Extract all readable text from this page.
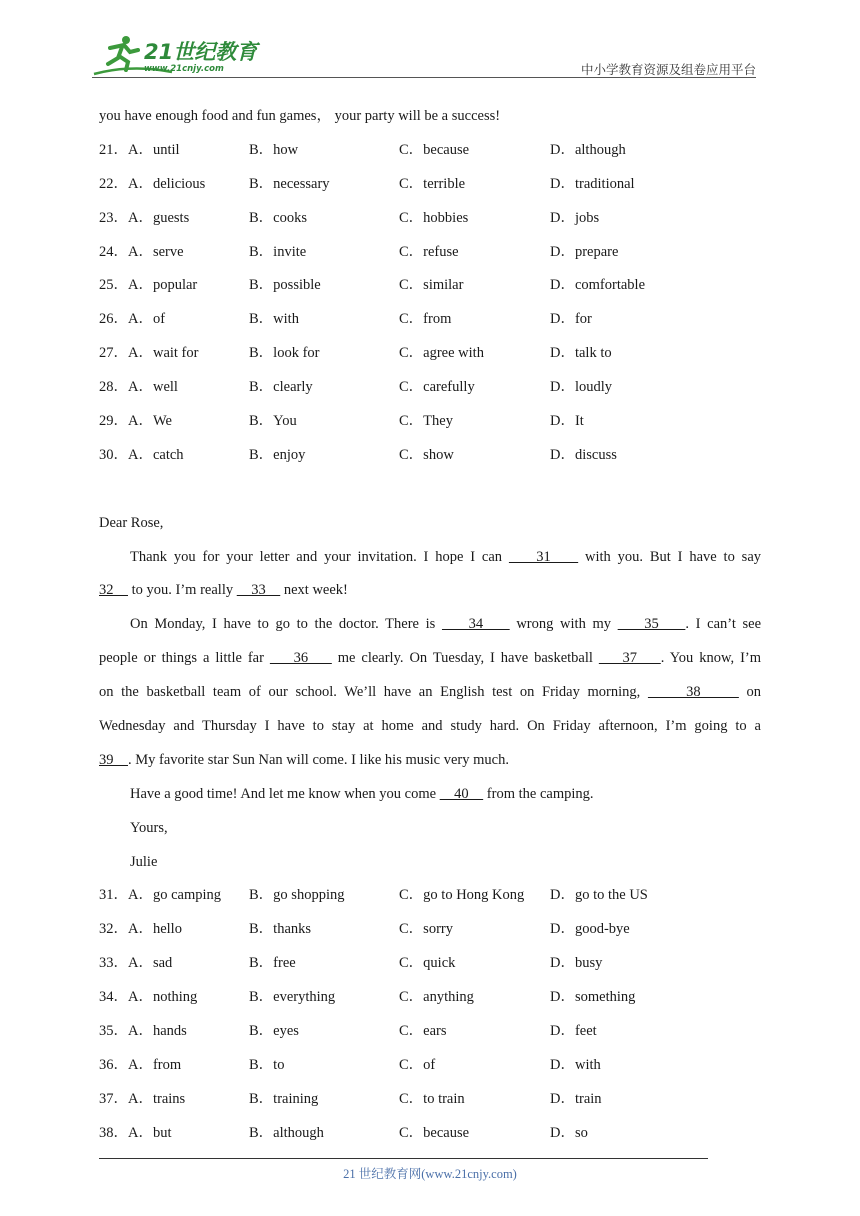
21世纪教育
www.21cnjy.com	中小学教育资源及组卷应用平台
you have enough food and fun games， your party will be a success!
21．A．until	B．how	C．because	D．although
22．A．delicious	B．necessary	C．terrible	D．traditional
23．A．guests	B．cooks	C．hobbies	D．jobs
24．A．serve	B．invite	C．refuse	D．prepare
25．A．popular	B．possible	C．similar	D．comfortable
26．A．of	B．with	C．from	D．for
27．A．wait for	B．look for	C．agree with	D．talk to
28．A．well	B．clearly	C．carefully	D．loudly
29．A．We	B．You	C．They	D．It
30．A．catch	B．enjoy	C．show	D．discuss
Dear Rose,
Thank you for your letter and your invitation. I hope I can     31     with you. But I have to say
32     to you. I’m really     33     next week!
On Monday, I have to go to the doctor. There is     34     wrong with my     35    . I can’t see
people or things a little far     36     me clearly. On Tuesday, I have basketball     37    . You know, I’m
on the basketball team of our school. We’ll have an English test on Friday morning,      38      on
Wednesday and Thursday I have to stay at home and study hard. On Friday afternoon, I’m going to a
39    . My favorite star Sun Nan will come. I like his music very much.
Have a good time! And let me know when you come     40     from the camping.
Yours,
Julie
31．A．go camping B．go shopping	C．go to Hong Kong D．go to the US
32．A．hello	B．thanks	C．sorry	D．good-bye
33．A．sad	B．free	C．quick	D．busy
34．A．nothing	B．everything	C．anything	D．something
35．A．hands	B．eyes	C．ears	D．feet
36．A．from	B．to	C．of	D．with
37．A．trains	B．training	C．to train	D．train
38．A．but	B．although	C．because	D．so
21 世纪教育网(www.21cnjy.com)
